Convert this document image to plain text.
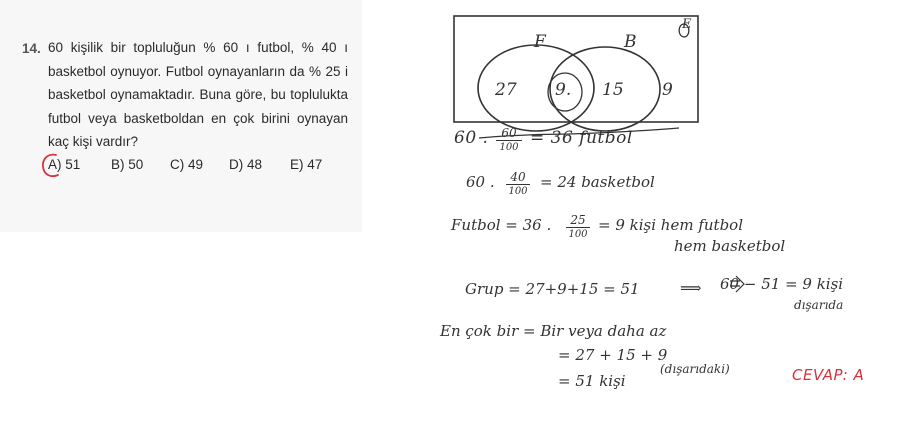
14. 60 kişilik bir topluluğun % 60 ı futbol, % 40 ı basketbol oynuyor. Futbol oynayanların da % 25 i basketbol oynamaktadır. Buna göre, bu toplulukta futbol veya basketboldan en çok birini oynayan kaç kişi vardır?

A) 51 B) 50 C) 49 D) 48 E) 47
E
F	B
27 9. 15 9
60 .	60
100 = 36 futbol
60 .	40
100
= 24 basketbol
Futbol = 36 .	25
100
= 9 kişi hem futbol
hem basketbol
Grup = 27+9+15 = 51	⟹ 60 − 51 = 9 kişi
dışarıda
En çok bir = Bir veya daha az
= 27 + 15 + 9
(dışarıdaki)
= 51 kişi	CEVAP: A
